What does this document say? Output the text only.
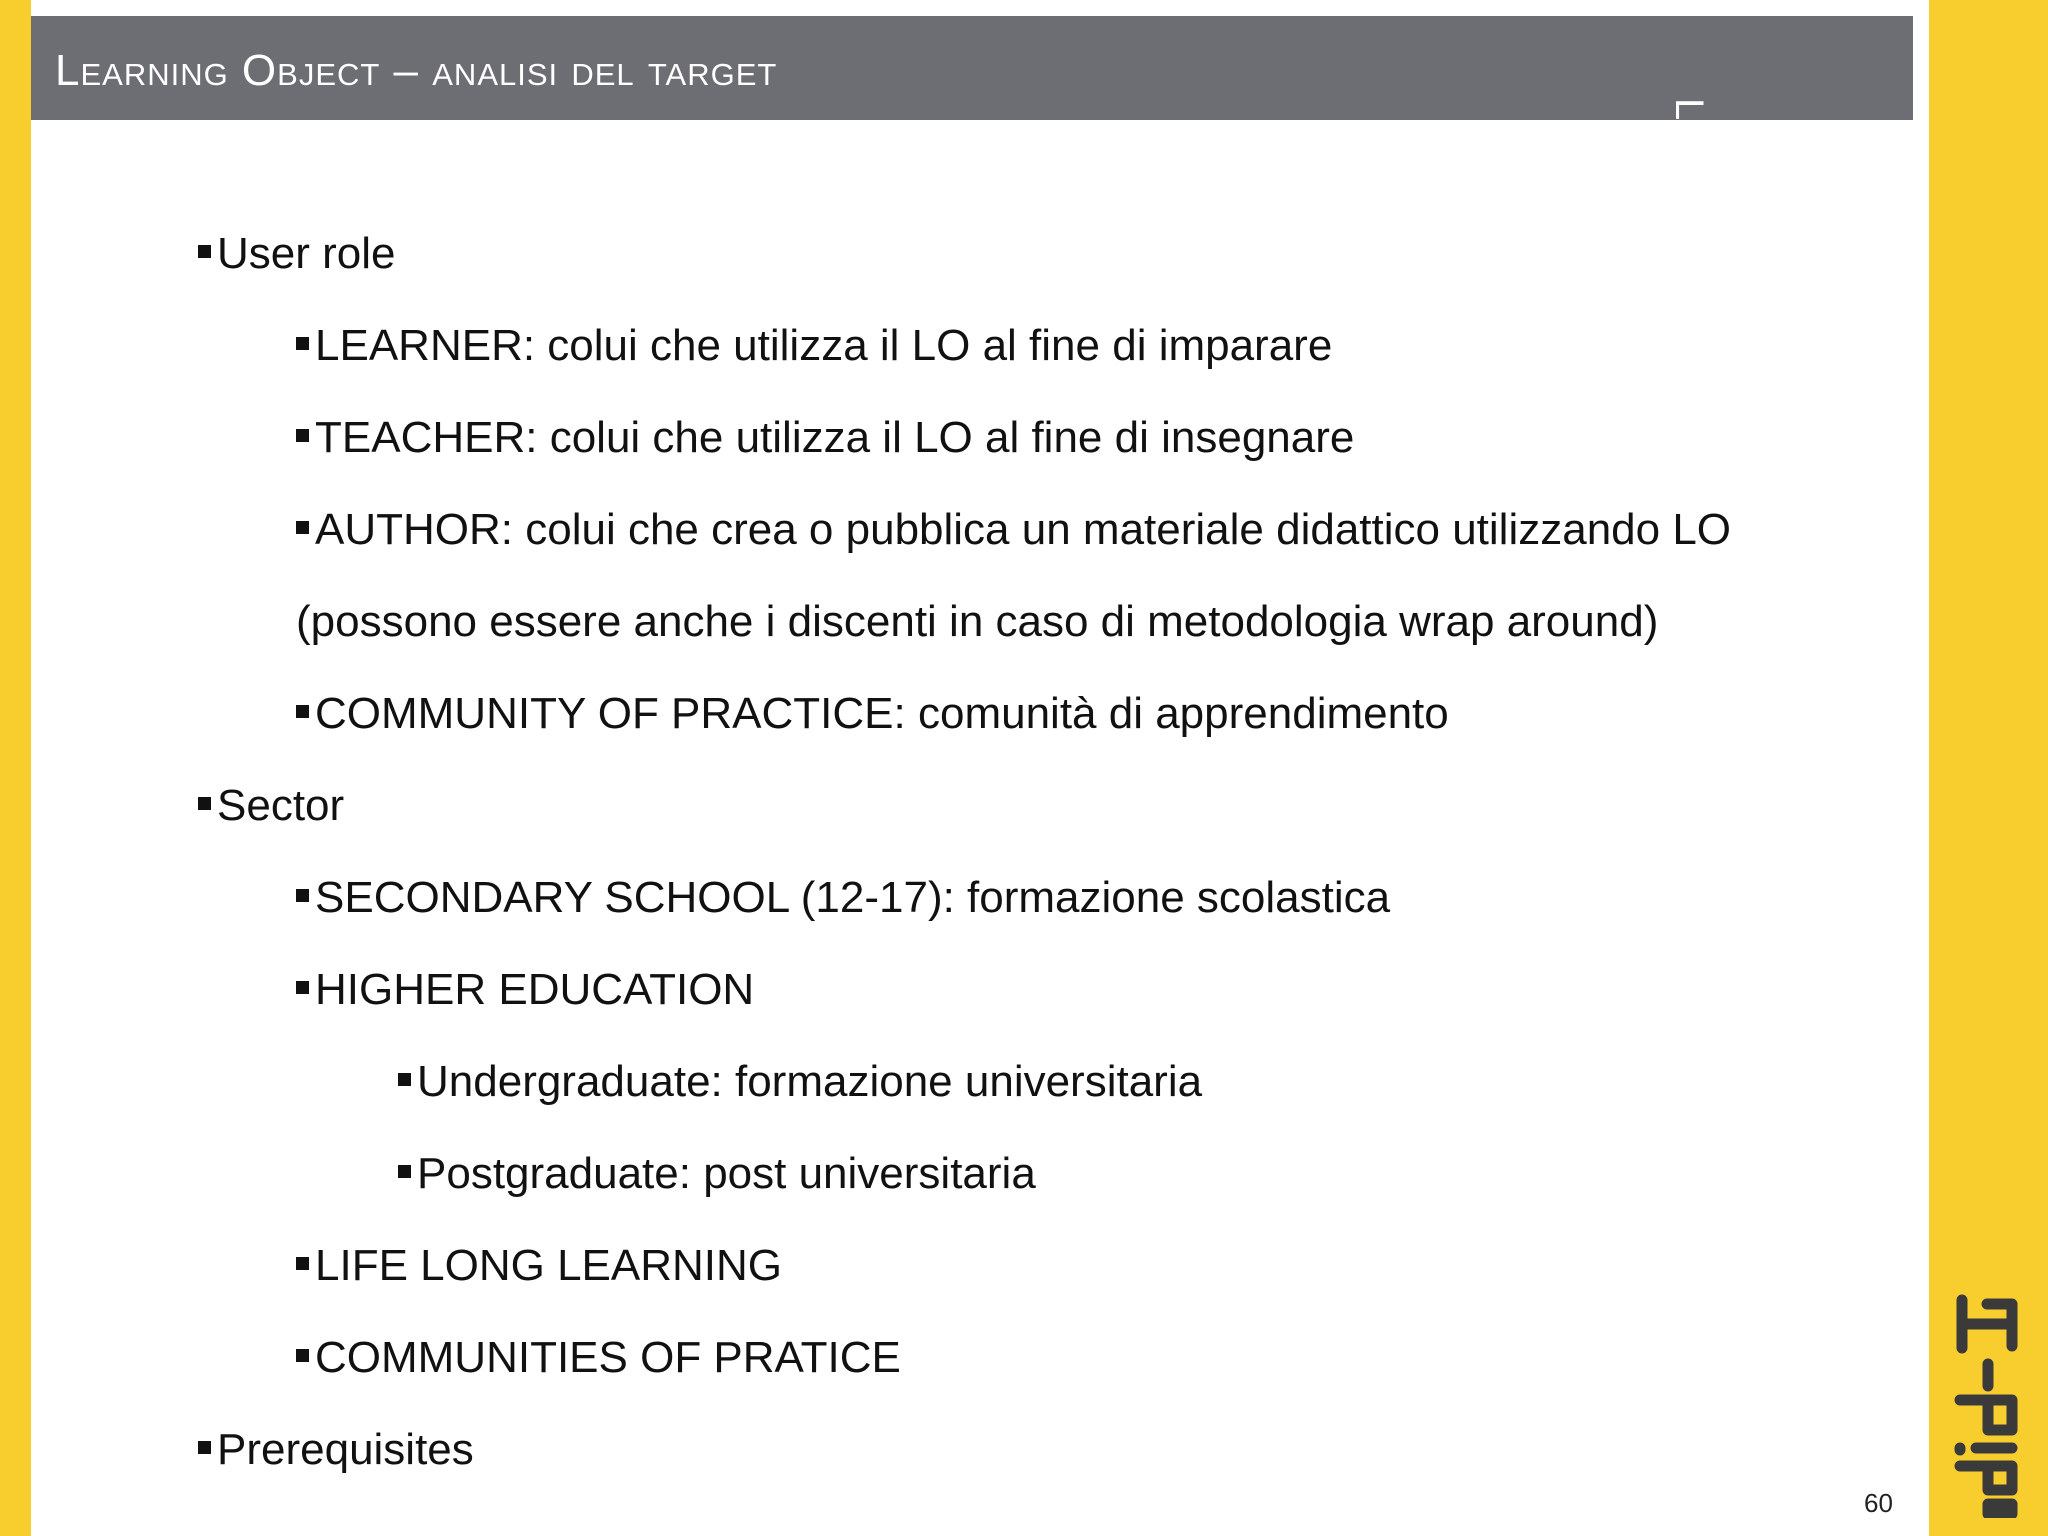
Learning Object – analisi del target
Learning object - progettazione
User role
LEARNER: colui che utilizza il LO al fine di imparare
TEACHER: colui che utilizza il LO al fine di insegnare
AUTHOR: colui che crea o pubblica un materiale didattico utilizzando LO
(possono essere anche i discenti in caso di metodologia wrap around)
COMMUNITY OF PRACTICE: comunità di apprendimento
Sector
SECONDARY SCHOOL (12-17): formazione scolastica
HIGHER EDUCATION
Undergraduate: formazione universitaria
Postgraduate: post universitaria
LIFE LONG LEARNING
COMMUNITIES OF PRATICE
Prerequisites
60
